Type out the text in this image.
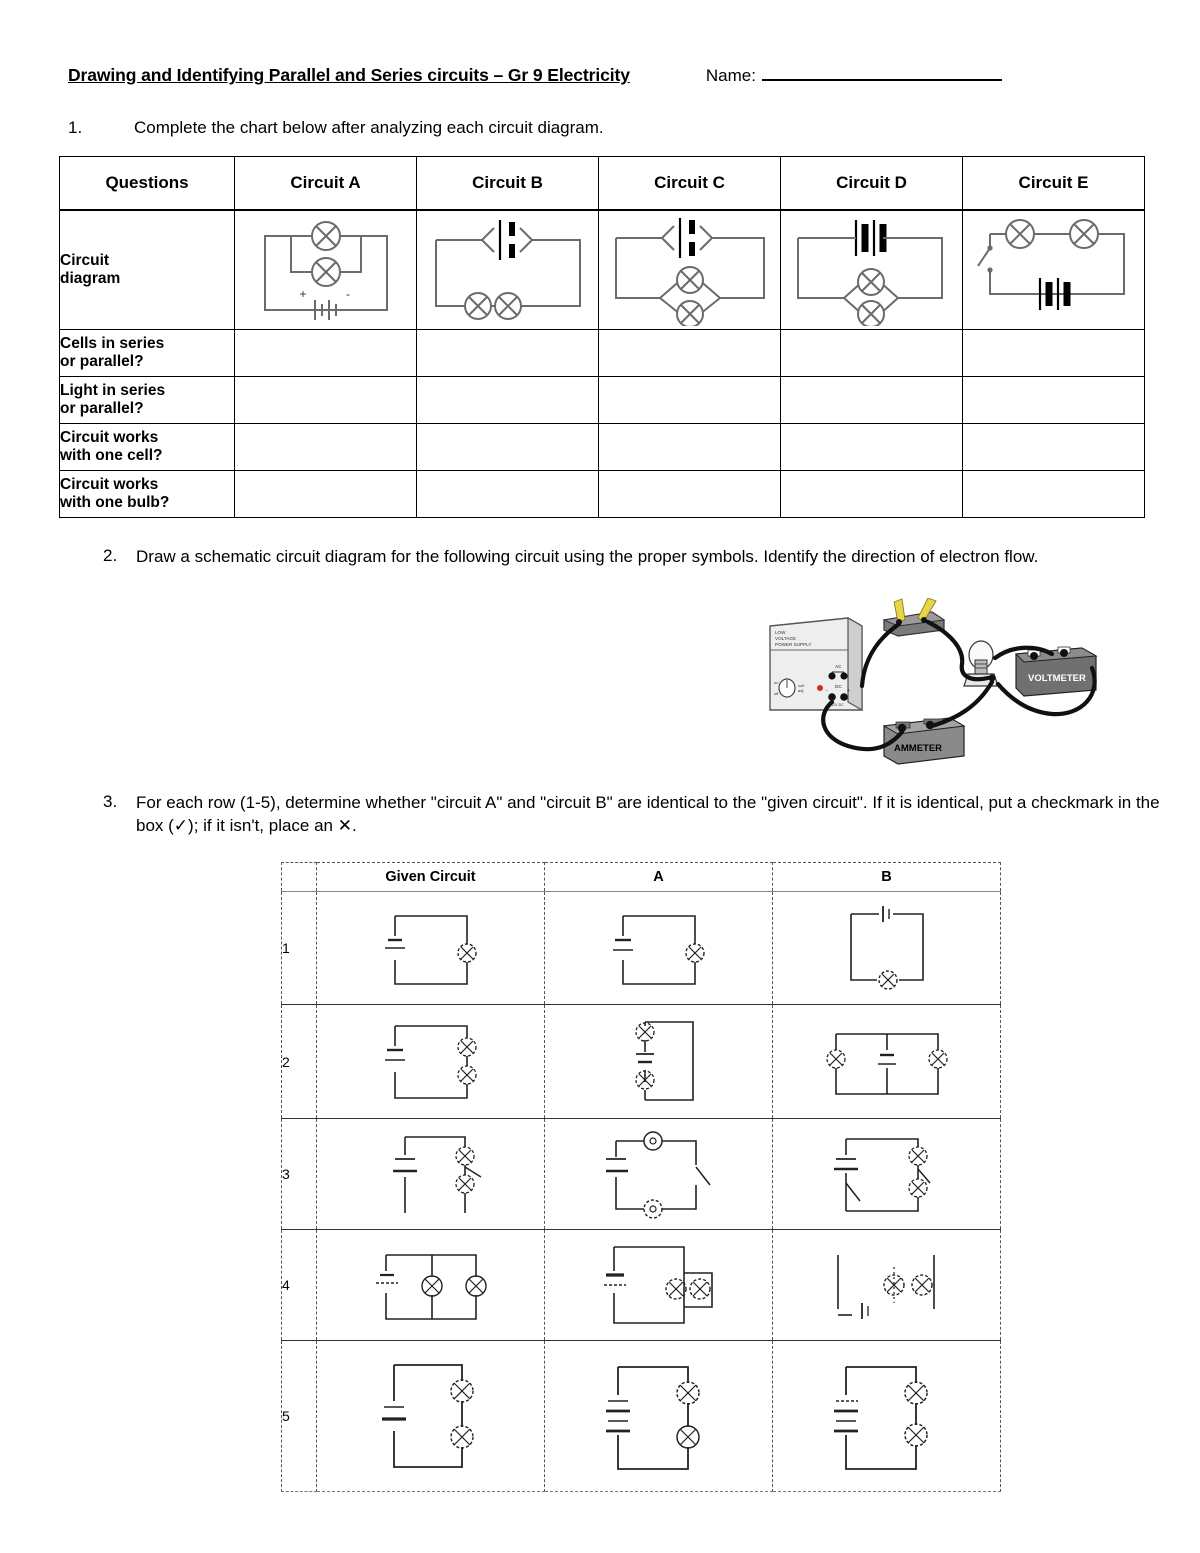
Drawing and Identifying Parallel and Series circuits – Gr 9 Electricity	Name:
1.	Complete the chart below after analyzing each circuit diagram.
Questions	Circuit A	Circuit B	Circuit C	Circuit D	Circuit E

Circuit
diagram

+	-

Cells in series
or parallel?					

Light in series
or parallel?					

Circuit works
with one cell?					

Circuit works
with one bulb?					

2.	Draw a schematic circuit diagram for the following circuit using the proper symbols. Identify the direction of electron flow.
LOW
VOLTAGE
POWER SUPPLY
on
off
volt
adj
AC
DC
-	+
0-12V DC
VOLTMETER
AMMETER
3.	For each row (1-5), determine whether "circuit A" and "circuit B" are identical to the "given circuit". If it is identical, put a checkmark in the box (✓); if it isn't, place an ✕.
	Given Circuit	A	B
1	

2	

3	

4	

5	
